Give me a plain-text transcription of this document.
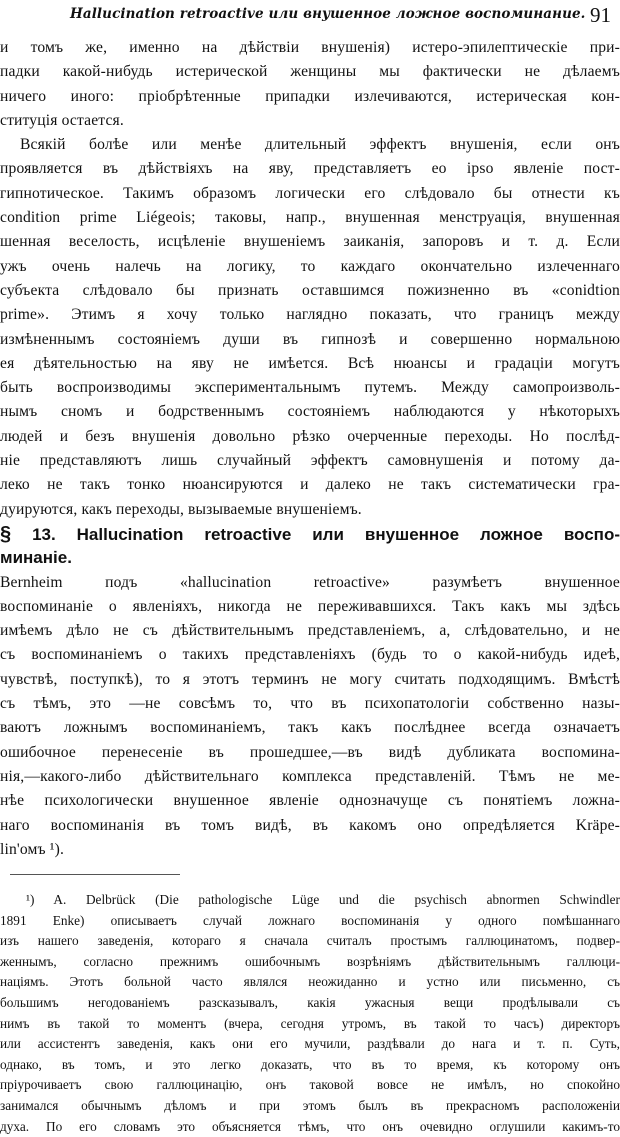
Hallucination retroactive или внушенное ложное воспоминание. 91
и томъ же, именно на дѣйствіи внушенія) истеро-эпилептическіе при-
падки какой-нибудь истерической женщины мы фактически не дѣлаемъ
ничего иного: пріобрѣтенные припадки излечиваются, истерическая кон-
ституція остается.
Всякій болѣе или менѣе длительный эффектъ внушенія, если онъ
проявляется въ дѣйствіяхъ на яву, представляетъ eo ipso явленіе пост-
гипнотическое. Такимъ образомъ логически его слѣдовало бы отнести къ
condition prime Liégeois; таковы, напр., внушенная менструація, внушенная
шенная веселость, исцѣленіе внушеніемъ заиканія, запоровъ и т. д. Если
ужъ очень налечь на логику, то каждаго окончательно излеченнаго
субъекта слѣдовало бы признать оставшимся пожизненно въ «conidtion
prime». Этимъ я хочу только наглядно показать, что границъ между
измѣненнымъ состояніемъ души въ гипнозѣ и совершенно нормальною
ея дѣятельностью на яву не имѣется. Всѣ нюансы и градаціи могутъ
быть воспроизводимы экспериментальнымъ путемъ. Между самопроизволь-
нымъ сномъ и бодрственнымъ состояніемъ наблюдаются у нѣкоторыхъ
людей и безъ внушенія довольно рѣзко очерченные переходы. Но послѣд-
ніе представляютъ лишь случайный эффектъ самовнушенія и потому да-
леко не такъ тонко нюансируются и далеко не такъ систематически гра-
дуируются, какъ переходы, вызываемые внушеніемъ.
§ 13. Hallucination retroactive или внушенное ложное воспо-
минаніе.
Bernheim подъ «hallucination retroactive» разумѣетъ внушенное
воспоминаніе о явленіяхъ, никогда не переживавшихся. Такъ какъ мы здѣсь
имѣемъ дѣло не съ дѣйствительнымъ представленіемъ, а, слѣдовательно, и не
съ воспоминаніемъ о такихъ представленіяхъ (будь то о какой-нибудь идеѣ,
чувствѣ, поступкѣ), то я этотъ терминъ не могу считать подходящимъ. Вмѣстѣ
съ тѣмъ, это —не совсѣмъ то, что въ психопатологіи собственно назы-
ваютъ ложнымъ воспоминаніемъ, такъ какъ послѣднее всегда означаетъ
ошибочное перенесеніе въ прошедшее,—въ видѣ дубликата воспомина-
нія,—какого-либо дѣйствительнаго комплекса представленій. Тѣмъ не ме-
нѣе психологически внушенное явленіе однозначуще съ понятіемъ ложна-
наго воспоминанія въ томъ видѣ, въ какомъ оно опредѣляется Kräpe-
lin'омъ ¹).
¹) A. Delbrück (Die pathologische Lüge und die psychisch abnormen Schwindler
1891 Enke) описываетъ случай ложнаго воспоминанія у одного помѣшаннаго
изъ нашего заведенія, котораго я сначала считалъ простымъ галлюцинатомъ, подвер-
женнымъ, согласно прежнимъ ошибочнымъ возрѣніямъ дѣйствительнымъ галлюци-
націямъ. Этотъ больной часто являлся неожиданно и устно или письменно, съ
большимъ негодованіемъ разсказывалъ, какія ужасныя вещи продѣлывали съ
нимъ въ такой то моментъ (вчера, сегодня утромъ, въ такой то часъ) директоръ
или ассистентъ заведенія, какъ они его мучили, раздѣвали до нага и т. п. Суть,
однако, въ томъ, и это легко доказать, что въ то время, къ которому онъ
пріурочиваетъ свою галлюцинацію, онъ таковой вовсе не имѣлъ, но спокойно
занимался обычнымъ дѣломъ и при этомъ былъ въ прекрасномъ расположеніи
духа. По его словамъ это объясняется тѣмъ, что онъ очевидно оглушили какимъ-то
